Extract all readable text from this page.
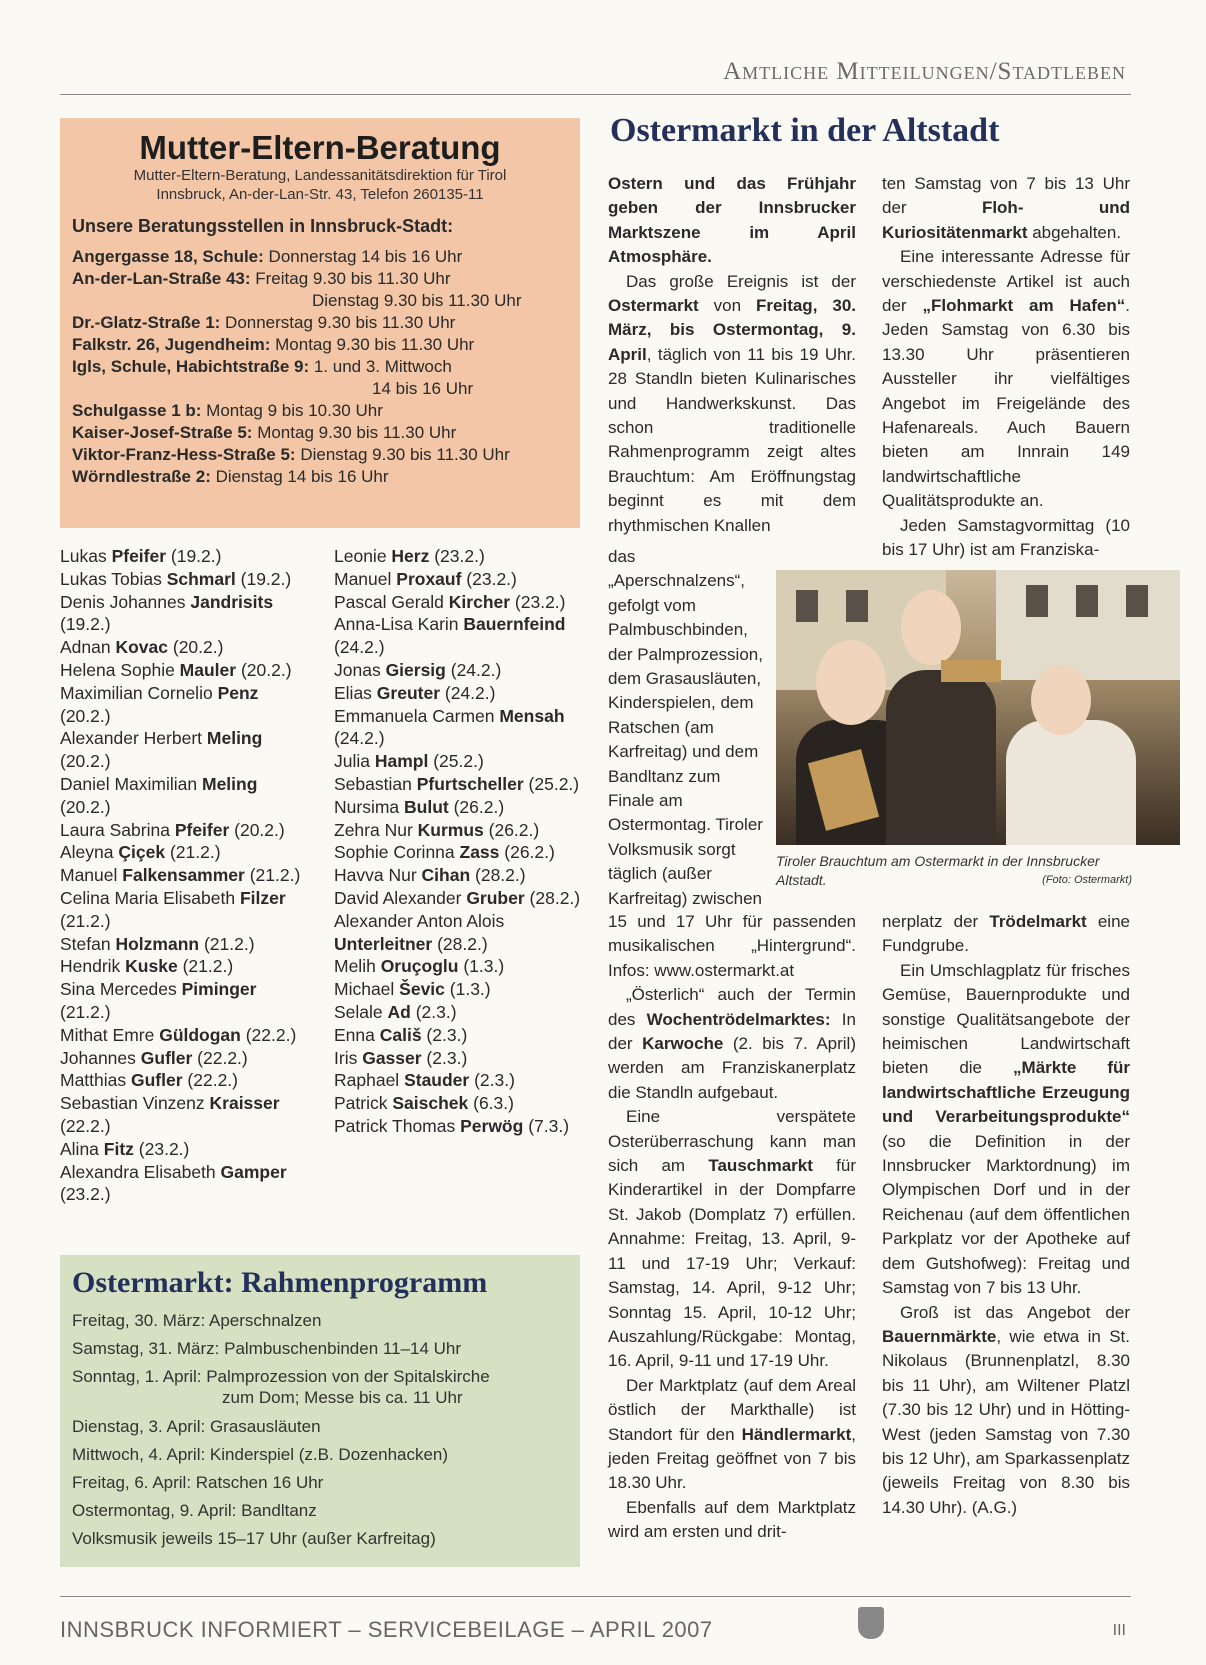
Amtliche Mitteilungen/Stadtleben
Mutter-Eltern-Beratung
Mutter-Eltern-Beratung, Landessanitätsdirektion für Tirol
Innsbruck, An-der-Lan-Str. 43, Telefon 260135-11
Unsere Beratungsstellen in Innsbruck-Stadt:
Angergasse 18, Schule: Donnerstag 14 bis 16 Uhr
An-der-Lan-Straße 43: Freitag 9.30 bis 11.30 Uhr
Dienstag 9.30 bis 11.30 Uhr
Dr.-Glatz-Straße 1: Donnerstag 9.30 bis 11.30 Uhr
Falkstr. 26, Jugendheim: Montag 9.30 bis 11.30 Uhr
Igls, Schule, Habichtstraße 9: 1. und 3. Mittwoch
14 bis 16 Uhr
Schulgasse 1 b: Montag 9 bis 10.30 Uhr
Kaiser-Josef-Straße 5: Montag 9.30 bis 11.30 Uhr
Viktor-Franz-Hess-Straße 5: Dienstag 9.30 bis 11.30 Uhr
Wörndlestraße 2: Dienstag 14 bis 16 Uhr
Lukas Pfeifer (19.2.)
Lukas Tobias Schmarl (19.2.)
Denis Johannes Jandrisits (19.2.)
Adnan Kovac (20.2.)
Helena Sophie Mauler (20.2.)
Maximilian Cornelio Penz (20.2.)
Alexander Herbert Meling (20.2.)
Daniel Maximilian Meling (20.2.)
Laura Sabrina Pfeifer (20.2.)
Aleyna Çiçek (21.2.)
Manuel Falkensammer (21.2.)
Celina Maria Elisabeth Filzer (21.2.)
Stefan Holzmann (21.2.)
Hendrik Kuske (21.2.)
Sina Mercedes Piminger (21.2.)
Mithat Emre Güldogan (22.2.)
Johannes Gufler (22.2.)
Matthias Gufler (22.2.)
Sebastian Vinzenz Kraisser (22.2.)
Alina Fitz (23.2.)
Alexandra Elisabeth Gamper (23.2.)
Leonie Herz (23.2.)
Manuel Proxauf (23.2.)
Pascal Gerald Kircher (23.2.)
Anna-Lisa Karin Bauernfeind (24.2.)
Jonas Giersig (24.2.)
Elias Greuter (24.2.)
Emmanuela Carmen Mensah (24.2.)
Julia Hampl (25.2.)
Sebastian Pfurtscheller (25.2.)
Nursima Bulut (26.2.)
Zehra Nur Kurmus (26.2.)
Sophie Corinna Zass (26.2.)
Havva Nur Cihan (28.2.)
David Alexander Gruber (28.2.)
Alexander Anton Alois Unterleitner (28.2.)
Melih Oruçoglu (1.3.)
Michael Ševic (1.3.)
Selale Ad (2.3.)
Enna Cališ (2.3.)
Iris Gasser (2.3.)
Raphael Stauder (2.3.)
Patrick Saischek (6.3.)
Patrick Thomas Perwög (7.3.)
Ostermarkt: Rahmenprogramm
Freitag, 30. März: Aperschnalzen
Samstag, 31. März: Palmbuschenbinden 11–14 Uhr
Sonntag, 1. April: Palmprozession von der Spitalskirche
zum Dom; Messe bis ca. 11 Uhr
Dienstag, 3. April: Grasausläuten
Mittwoch, 4. April: Kinderspiel (z.B. Dozenhacken)
Freitag, 6. April: Ratschen 16 Uhr
Ostermontag, 9. April: Bandltanz
Volksmusik jeweils 15–17 Uhr (außer Karfreitag)
Ostermarkt in der Altstadt

Ostern und das Frühjahr geben der Innsbrucker Marktszene im April Atmosphäre.

Das große Ereignis ist der Ostermarkt von Freitag, 30. März, bis Ostermontag, 9. April, täglich von 11 bis 19 Uhr. 28 Standln bieten Kulinarisches und Handwerkskunst. Das schon traditionelle Rahmenprogramm zeigt altes Brauchtum: Am Eröffnungstag beginnt es mit dem rhythmischen Knallen

das „Aperschnalzens“, gefolgt vom Palmbuschbinden, der Palmprozession, dem Grasausläuten, Kinderspielen, dem Ratschen (am Karfreitag) und dem Bandltanz zum Finale am Ostermontag. Tiroler Volksmusik sorgt täglich (außer Karfreitag) zwischen

Tiroler Brauchtum am Ostermarkt in der Innsbrucker Altstadt.	(Foto: Ostermarkt)

15 und 17 Uhr für passenden musikalischen „Hintergrund“. Infos: www.ostermarkt.at

„Österlich“ auch der Termin des Wochentrödelmarktes: In der Karwoche (2. bis 7. April) werden am Franziskanerplatz die Standln aufgebaut.

Eine verspätete Osterüberraschung kann man sich am Tauschmarkt für Kinderartikel in der Dompfarre St. Jakob (Domplatz 7) erfüllen. Annahme: Freitag, 13. April, 9-11 und 17-19 Uhr; Verkauf: Samstag, 14. April, 9-12 Uhr; Sonntag 15. April, 10-12 Uhr; Auszahlung/Rückgabe: Montag, 16. April, 9-11 und 17-19 Uhr.

Der Marktplatz (auf dem Areal östlich der Markthalle) ist Standort für den Händlermarkt, jeden Freitag geöffnet von 7 bis 18.30 Uhr.

Ebenfalls auf dem Marktplatz wird am ersten und drit-

ten Samstag von 7 bis 13 Uhr der Floh- und Kuriositätenmarkt abgehalten.

Eine interessante Adresse für verschiedenste Artikel ist auch der „Flohmarkt am Hafen“. Jeden Samstag von 6.30 bis 13.30 Uhr präsentieren Aussteller ihr vielfältiges Angebot im Freigelände des Hafenareals. Auch Bauern bieten am Innrain 149 landwirtschaftliche Qualitätsprodukte an.

Jeden Samstagvormittag (10 bis 17 Uhr) ist am Franziska-

nerplatz der Trödelmarkt eine Fundgrube.

Ein Umschlagplatz für frisches Gemüse, Bauernprodukte und sonstige Qualitätsangebote der heimischen Landwirtschaft bieten die „Märkte für landwirtschaftliche Erzeugung und Verarbeitungsprodukte“ (so die Definition in der Innsbrucker Marktordnung) im Olympischen Dorf und in der Reichenau (auf dem öffentlichen Parkplatz vor der Apotheke auf dem Gutshofweg): Freitag und Samstag von 7 bis 13 Uhr.

Groß ist das Angebot der Bauernmärkte, wie etwa in St. Nikolaus (Brunnenplatzl, 8.30 bis 11 Uhr), am Wiltener Platzl (7.30 bis 12 Uhr) und in Hötting-West (jeden Samstag von 7.30 bis 12 Uhr), am Sparkassenplatz (jeweils Freitag von 8.30 bis 14.30 Uhr). (A.G.)

INNSBRUCK INFORMIERT – SERVICEBEILAGE – APRIL 2007	III
